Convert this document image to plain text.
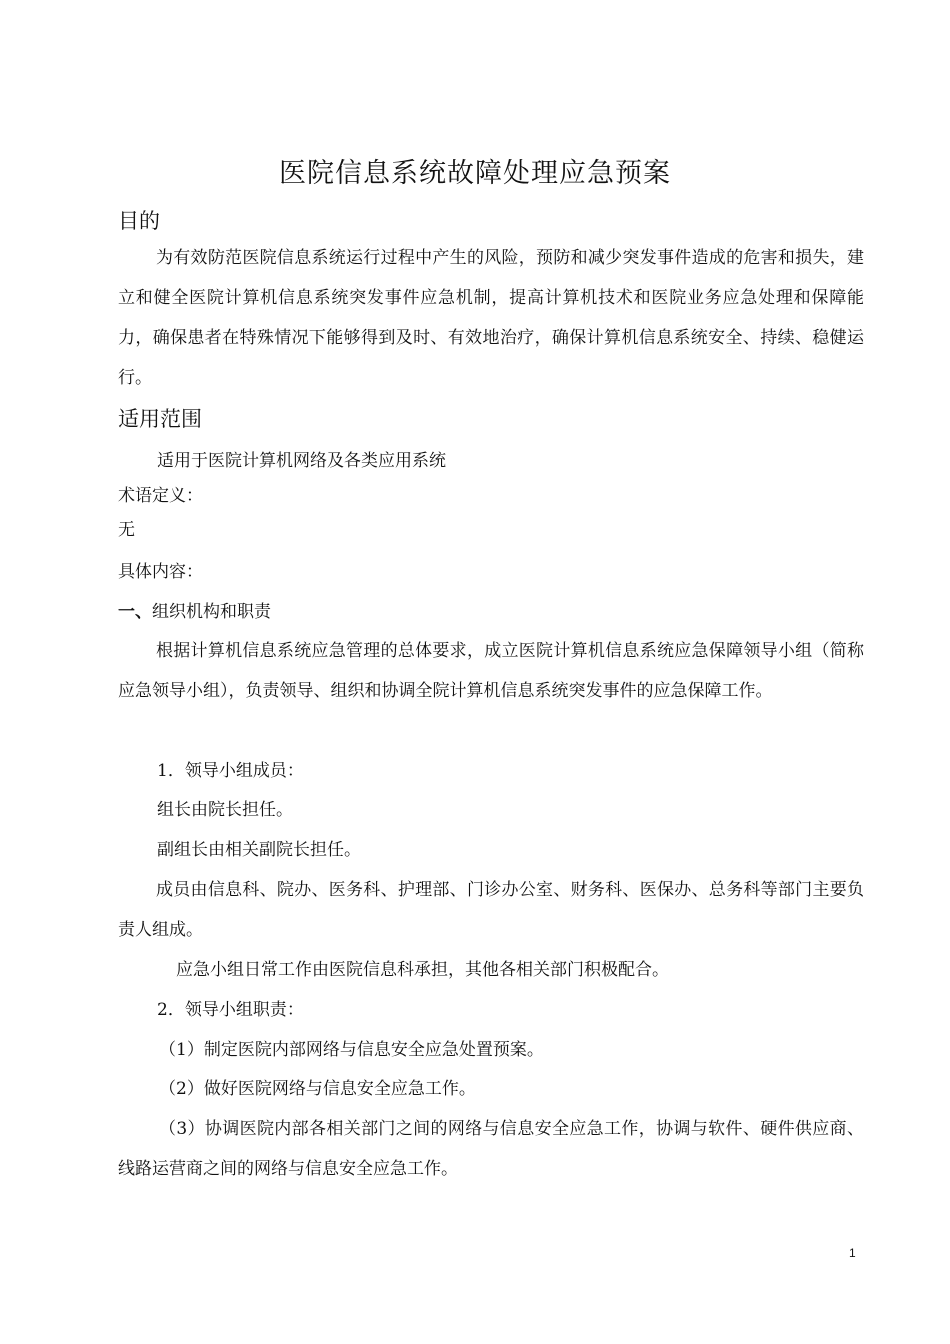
医院信息系统故障处理应急预案
目的
为有效防范医院信息系统运行过程中产生的风险，预防和减少突发事件造成的危害和损失，建立和健全医院计算机信息系统突发事件应急机制，提高计算机技术和医院业务应急处理和保障能力，确保患者在特殊情况下能够得到及时、有效地治疗，确保计算机信息系统安全、持续、稳健运行。
适用范围
适用于医院计算机网络及各类应用系统
术语定义：
无
具体内容：
一、组织机构和职责
根据计算机信息系统应急管理的总体要求，成立医院计算机信息系统应急保障领导小组（简称应急领导小组），负责领导、组织和协调全院计算机信息系统突发事件的应急保障工作。
1．领导小组成员：
组长由院长担任。
副组长由相关副院长担任。
成员由信息科、院办、医务科、护理部、门诊办公室、财务科、医保办、总务科等部门主要负责人组成。
应急小组日常工作由医院信息科承担，其他各相关部门积极配合。
2．领导小组职责：
（1）制定医院内部网络与信息安全应急处置预案。
（2）做好医院网络与信息安全应急工作。
（3）协调医院内部各相关部门之间的网络与信息安全应急工作，协调与软件、硬件供应商、线路运营商之间的网络与信息安全应急工作。
1
